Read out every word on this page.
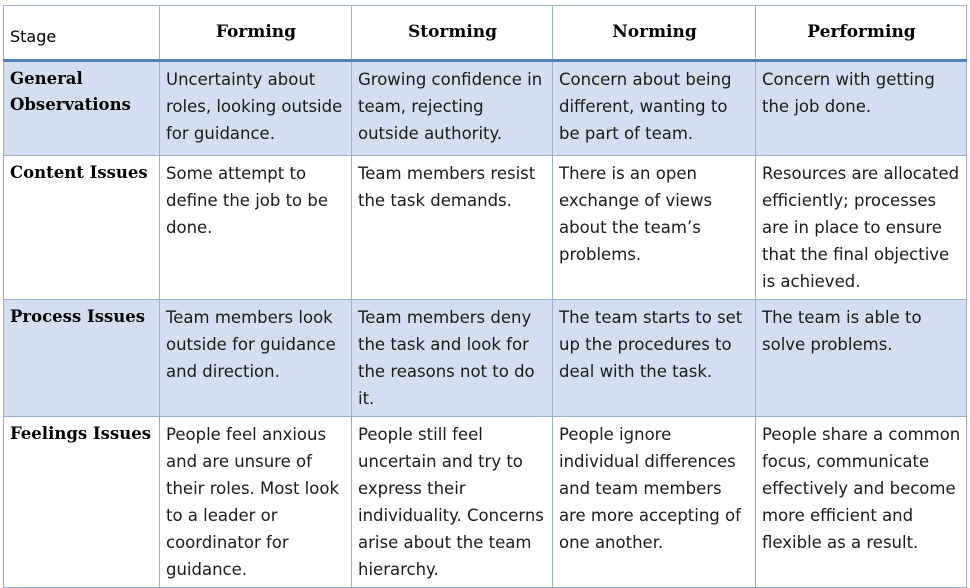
Stage	Forming	Storming	Norming	Performing
General Observations	Uncertainty about roles, looking outside for guidance.	Growing confidence in team, rejecting outside authority.	Concern about being different, wanting to be part of team.	Concern with getting the job done.
Content Issues	Some attempt to define the job to be done.	Team members resist the task demands.	There is an open exchange of views about the team’s problems.	Resources are allocated efficiently; processes are in place to ensure that the final objective is achieved.
Process Issues	Team members look outside for guidance and direction.	Team members deny the task and look for the reasons not to do it.	The team starts to set up the procedures to deal with the task.	The team is able to solve problems.
Feelings Issues	People feel anxious and are unsure of their roles. Most look to a leader or coordinator for guidance.	People still feel uncertain and try to express their individuality. Concerns arise about the team hierarchy.	People ignore individual differences and team members are more accepting of one another.	People share a common focus, communicate effectively and become more efficient and flexible as a result.
